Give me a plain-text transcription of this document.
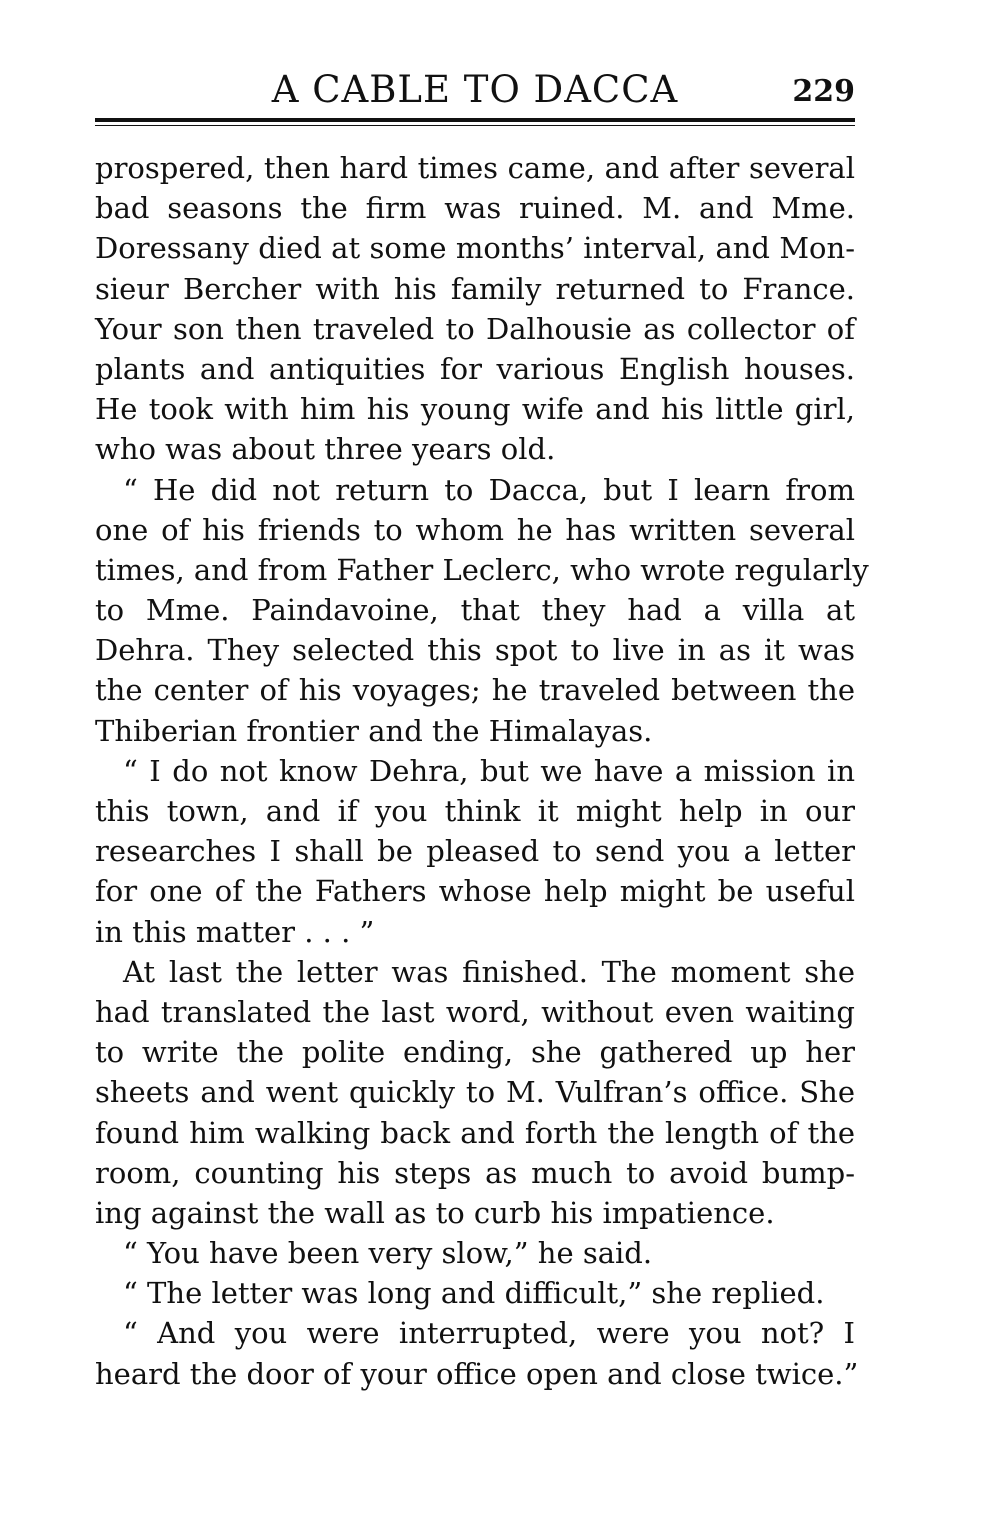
A CABLE TO DACCA	229
prospered, then hard times came, and after several
bad seasons the firm was ruined. M. and Mme.
Doressany died at some months’ interval, and Mon-
sieur Bercher with his family returned to France.
Your son then traveled to Dalhousie as collector of
plants and antiquities for various English houses.
He took with him his young wife and his little girl,
who was about three years old.
“ He did not return to Dacca, but I learn from
one of his friends to whom he has written several
times, and from Father Leclerc, who wrote regularly
to Mme. Paindavoine, that they had a villa at
Dehra. They selected this spot to live in as it was
the center of his voyages; he traveled between the
Thiberian frontier and the Himalayas.
“ I do not know Dehra, but we have a mission in
this town, and if you think it might help in our
researches I shall be pleased to send you a letter
for one of the Fathers whose help might be useful
in this matter . . . ”
At last the letter was finished. The moment she
had translated the last word, without even waiting
to write the polite ending, she gathered up her
sheets and went quickly to M. Vulfran’s office. She
found him walking back and forth the length of the
room, counting his steps as much to avoid bump-
ing against the wall as to curb his impatience.
“ You have been very slow,” he said.
“ The letter was long and difficult,” she replied.
“ And you were interrupted, were you not? I
heard the door of your office open and close twice.”
